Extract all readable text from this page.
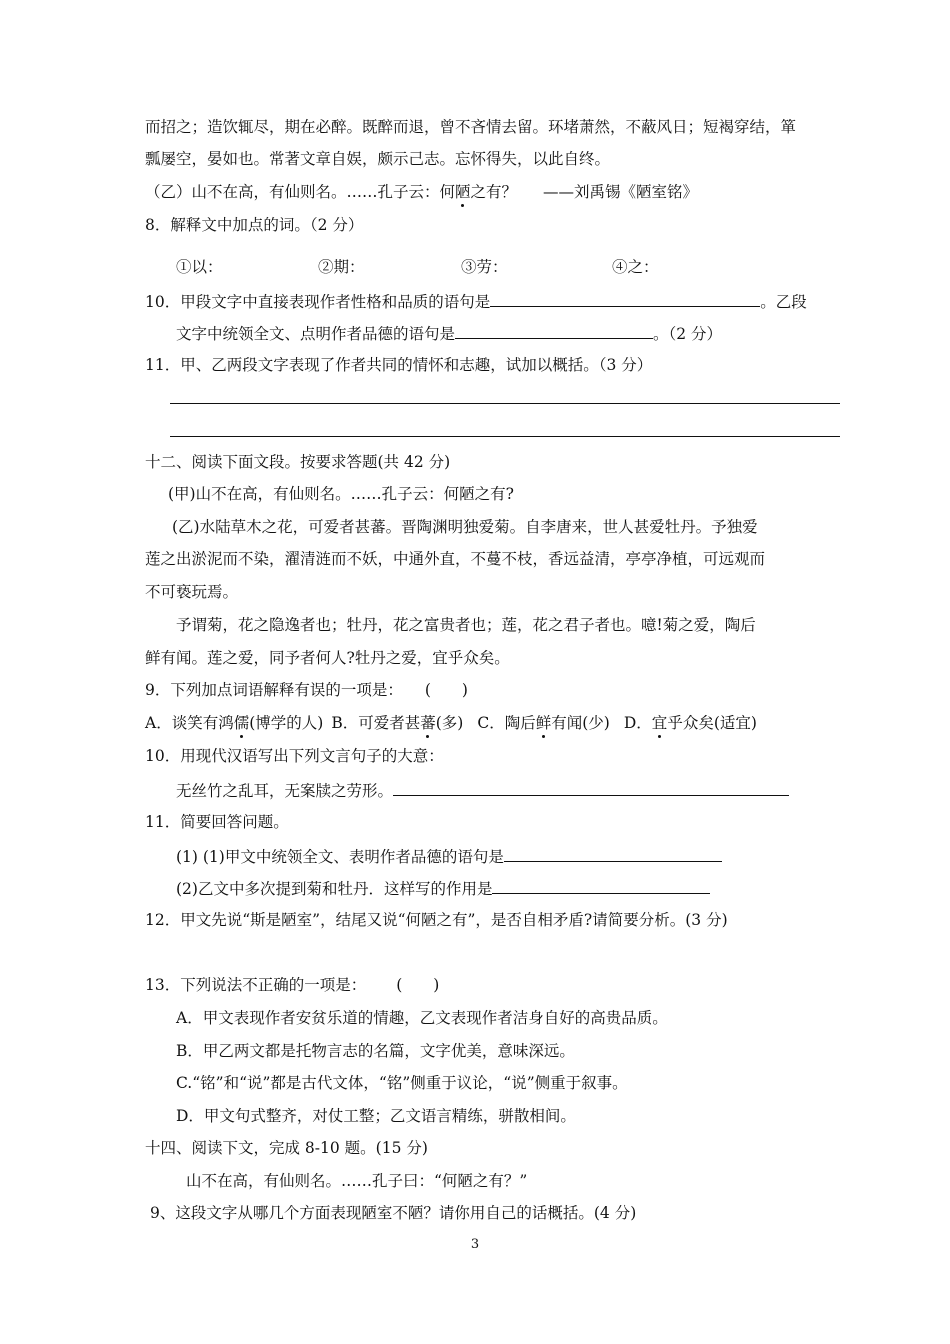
而招之；造饮辄尽，期在必醉。既醉而退，曾不吝情去留。环堵萧然，不蔽风日；短褐穿结，箪
瓢屡空，晏如也。常著文章自娱，颇示己志。忘怀得失，以此自终。
（乙）山不在高，有仙则名。……孔子云：何陋之有？ ——刘禹锡《陋室铭》
8．解释文中加点的词。（2 分）
①以：	②期：	③劳：	④之：
10．甲段文字中直接表现作者性格和品质的语句是	。乙段
文字中统领全文、点明作者品德的语句是	。（2 分）
11．甲、乙两段文字表现了作者共同的情怀和志趣，试加以概括。（3 分）
十二、阅读下面文段。按要求答题(共 42 分)
(甲)山不在高，有仙则名。……孔子云：何陋之有?
(乙)水陆草木之花，可爱者甚蕃。晋陶渊明独爱菊。自李唐来，世人甚爱牡丹。予独爱
莲之出淤泥而不染，濯清涟而不妖，中通外直，不蔓不枝，香远益清，亭亭净植，可远观而
不可亵玩焉。
予谓菊，花之隐逸者也；牡丹，花之富贵者也；莲，花之君子者也。噫!菊之爱，陶后
鲜有闻。莲之爱，同予者何人?牡丹之爱，宜乎众矣。
9．下列加点词语解释有误的一项是： (　　)
A．谈笑有鸿儒(博学的人) B．可爱者甚蕃(多) C．陶后鲜有闻(少) D．宜乎众矣(适宜)
10．用现代汉语写出下列文言句子的大意：
无丝竹之乱耳，无案牍之劳形。
11．简要回答问题。
(1) (1)甲文中统领全文、表明作者品德的语句是
(2)乙文中多次提到菊和牡丹．这样写的作用是
12．甲文先说“斯是陋室”，结尾又说“何陋之有”，是否自相矛盾?请简要分析。(3 分)
13．下列说法不正确的一项是： (　　)
A．甲文表现作者安贫乐道的情趣，乙文表现作者洁身自好的高贵品质。
B．甲乙两文都是托物言志的名篇，文字优美，意味深远。
C.“铭”和“说”都是古代文体，“铭”侧重于议论，“说”侧重于叙事。
D．甲文句式整齐，对仗工整；乙文语言精练，骈散相间。
十四、阅读下文，完成 8-10 题。(15 分)
山不在高，有仙则名。……孔子曰：“何陋之有？”
9、这段文字从哪几个方面表现陋室不陋？请你用自己的话概括。(4 分)
3
